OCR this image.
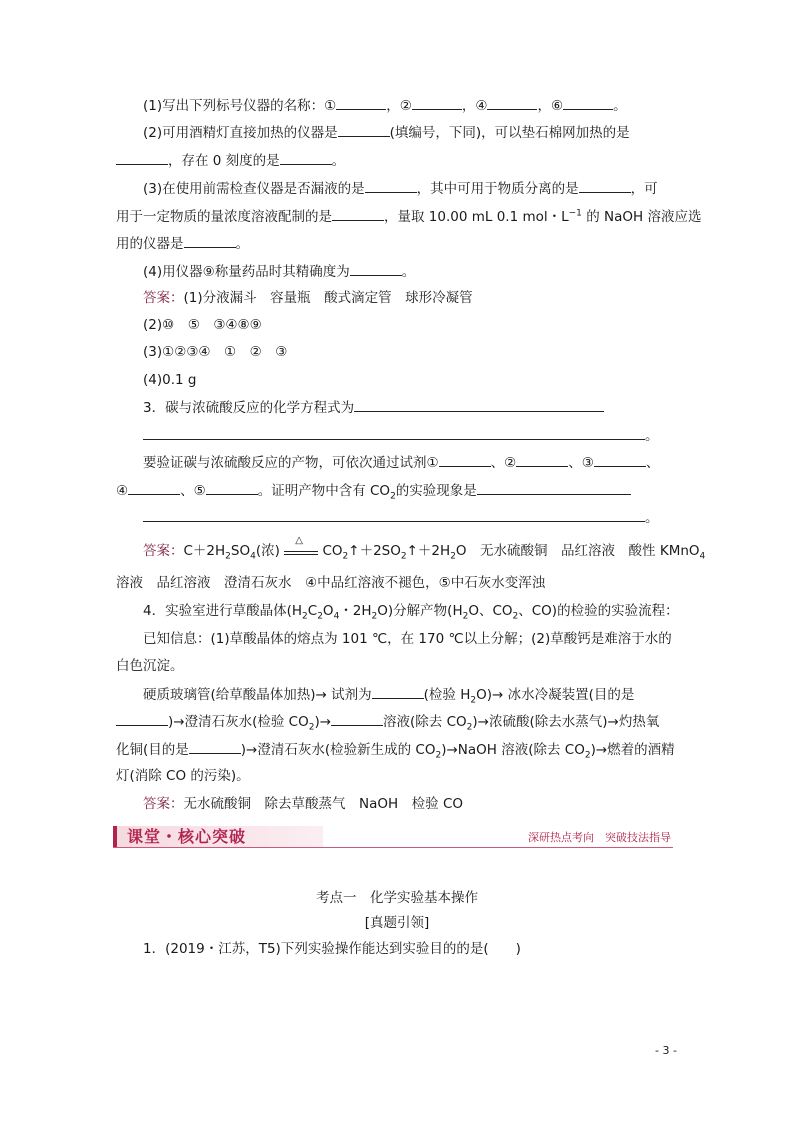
(1)写出下列标号仪器的名称：①	，②	，④	，⑥	。
(2)可用酒精灯直接加热的仪器是	(填编号，下同)，可以垫石棉网加热的是
，存在 0 刻度的是	。
(3)在使用前需检查仪器是否漏液的是	，其中可用于物质分离的是	，可
用于一定物质的量浓度溶液配制的是	，量取 10.00 mL 0.1 mol・$L^{-1}$ 的 NaOH 溶液应选
用的仪器是	。
(4)用仪器⑨称量药品时其精确度为	。
答案：(1)分液漏斗　容量瓶　酸式滴定管　球形冷凝管
(2)⑩　⑤　③④⑧⑨
(3)①②③④　①　②　③
(4)0.1 g
3．碳与浓硫酸反应的化学方程式为
。
要验证碳与浓硫酸反应的产物，可依次通过试剂①	、②	、③	、
④	、⑤	。证明产物中含有 $CO_2$的实验现象是
。
答案：$C+2H_2SO_4$(浓)
△
$CO_2↑+2SO_2↑+2H_2O$　无水硫酸铜　品红溶液　酸性 KMnO$_4$
溶液　品红溶液　澄清石灰水　④中品红溶液不褪色，⑤中石灰水变浑浊
4．实验室进行草酸晶体($H_2C_2O_4$・$2H_2O$)分解产物($H_2O$、$CO_2$、CO)的检验的实验流程：
已知信息：(1)草酸晶体的熔点为 101 ℃，在 170 ℃以上分解；(2)草酸钙是难溶于水的
白色沉淀。
硬质玻璃管(给草酸晶体加热)→ 试剂为	(检验 $H_2O)\to$ 冰水冷凝装置(目的是
)→澄清石灰水(检验 $CO_2)\to$	溶液(除去 $CO_2)\to$浓硫酸(除去水蒸气)→灼热氧
化铜(目的是	)→澄清石灰水(检验新生成的 $CO_2)\to NaOH$ 溶液(除去 $CO_2)\to$燃着的酒精
灯(消除 CO 的污染)。
答案：无水硫酸铜　除去草酸蒸气　NaOH　检验 CO
课堂・核心突破	深研热点考向　突破技法指导
考点一　化学实验基本操作
[真题引领]
1．(2019・江苏，T5)下列实验操作能达到实验目的的是(　　)
- 3 -
